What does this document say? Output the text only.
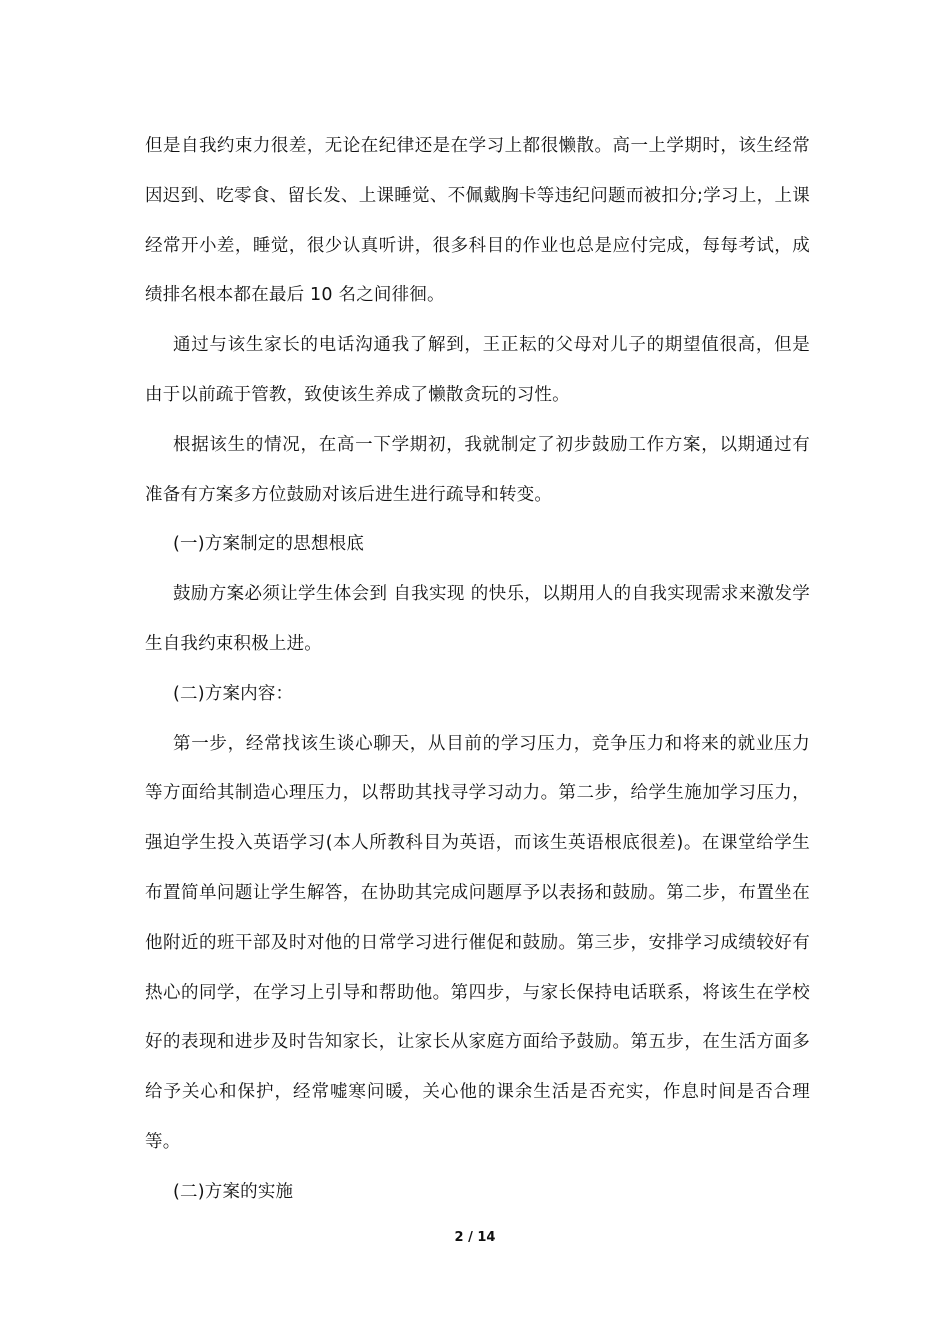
但是自我约束力很差，无论在纪律还是在学习上都很懒散。高一上学期时，该生经常因迟到、吃零食、留长发、上课睡觉、不佩戴胸卡等违纪问题而被扣分;学习上，上课经常开小差，睡觉，很少认真听讲，很多科目的作业也总是应付完成，每每考试，成绩排名根本都在最后 10 名之间徘徊。

通过与该生家长的电话沟通我了解到，王正耘的父母对儿子的期望值很高，但是由于以前疏于管教，致使该生养成了懒散贪玩的习性。

根据该生的情况，在高一下学期初，我就制定了初步鼓励工作方案，以期通过有准备有方案多方位鼓励对该后进生进行疏导和转变。

(一)方案制定的思想根底

鼓励方案必须让学生体会到 自我实现 的快乐，以期用人的自我实现需求来激发学生自我约束积极上进。

(二)方案内容：

第一步，经常找该生谈心聊天，从目前的学习压力，竞争压力和将来的就业压力等方面给其制造心理压力，以帮助其找寻学习动力。第二步，给学生施加学习压力，强迫学生投入英语学习(本人所教科目为英语，而该生英语根底很差)。在课堂给学生布置简单问题让学生解答，在协助其完成问题厚予以表扬和鼓励。第二步，布置坐在他附近的班干部及时对他的日常学习进行催促和鼓励。第三步，安排学习成绩较好有热心的同学，在学习上引导和帮助他。第四步，与家长保持电话联系，将该生在学校好的表现和进步及时告知家长，让家长从家庭方面给予鼓励。第五步，在生活方面多给予关心和保护，经常嘘寒问暖，关心他的课余生活是否充实，作息时间是否合理等。

(二)方案的实施

2 / 14
